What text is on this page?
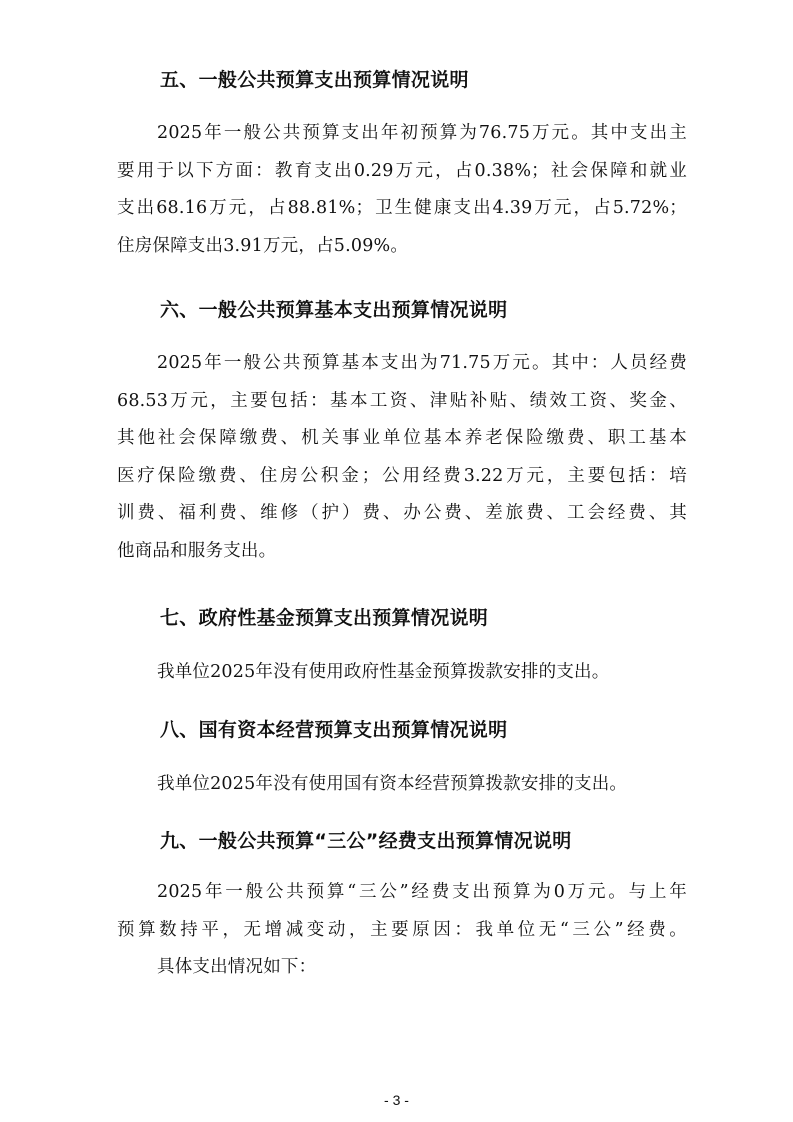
五、一般公共预算支出预算情况说明
2025年一般公共预算支出年初预算为76.75万元。其中支出主
要用于以下方面：教育支出0.29万元，占0.38%；社会保障和就业
支出68.16万元，占88.81%；卫生健康支出4.39万元，占5.72%；
住房保障支出3.91万元，占5.09%。
六、一般公共预算基本支出预算情况说明
2025年一般公共预算基本支出为71.75万元。其中：人员经费
68.53万元，主要包括：基本工资、津贴补贴、绩效工资、奖金、
其他社会保障缴费、机关事业单位基本养老保险缴费、职工基本
医疗保险缴费、住房公积金；公用经费3.22万元，主要包括：培
训费、福利费、维修（护）费、办公费、差旅费、工会经费、其
他商品和服务支出。
七、政府性基金预算支出预算情况说明
我单位2025年没有使用政府性基金预算拨款安排的支出。
八、国有资本经营预算支出预算情况说明
我单位2025年没有使用国有资本经营预算拨款安排的支出。
九、一般公共预算“三公”经费支出预算情况说明
2025年一般公共预算“三公”经费支出预算为0万元。与上年
预算数持平，无增减变动，主要原因：我单位无“三公”经费。
具体支出情况如下：
- 3 -
